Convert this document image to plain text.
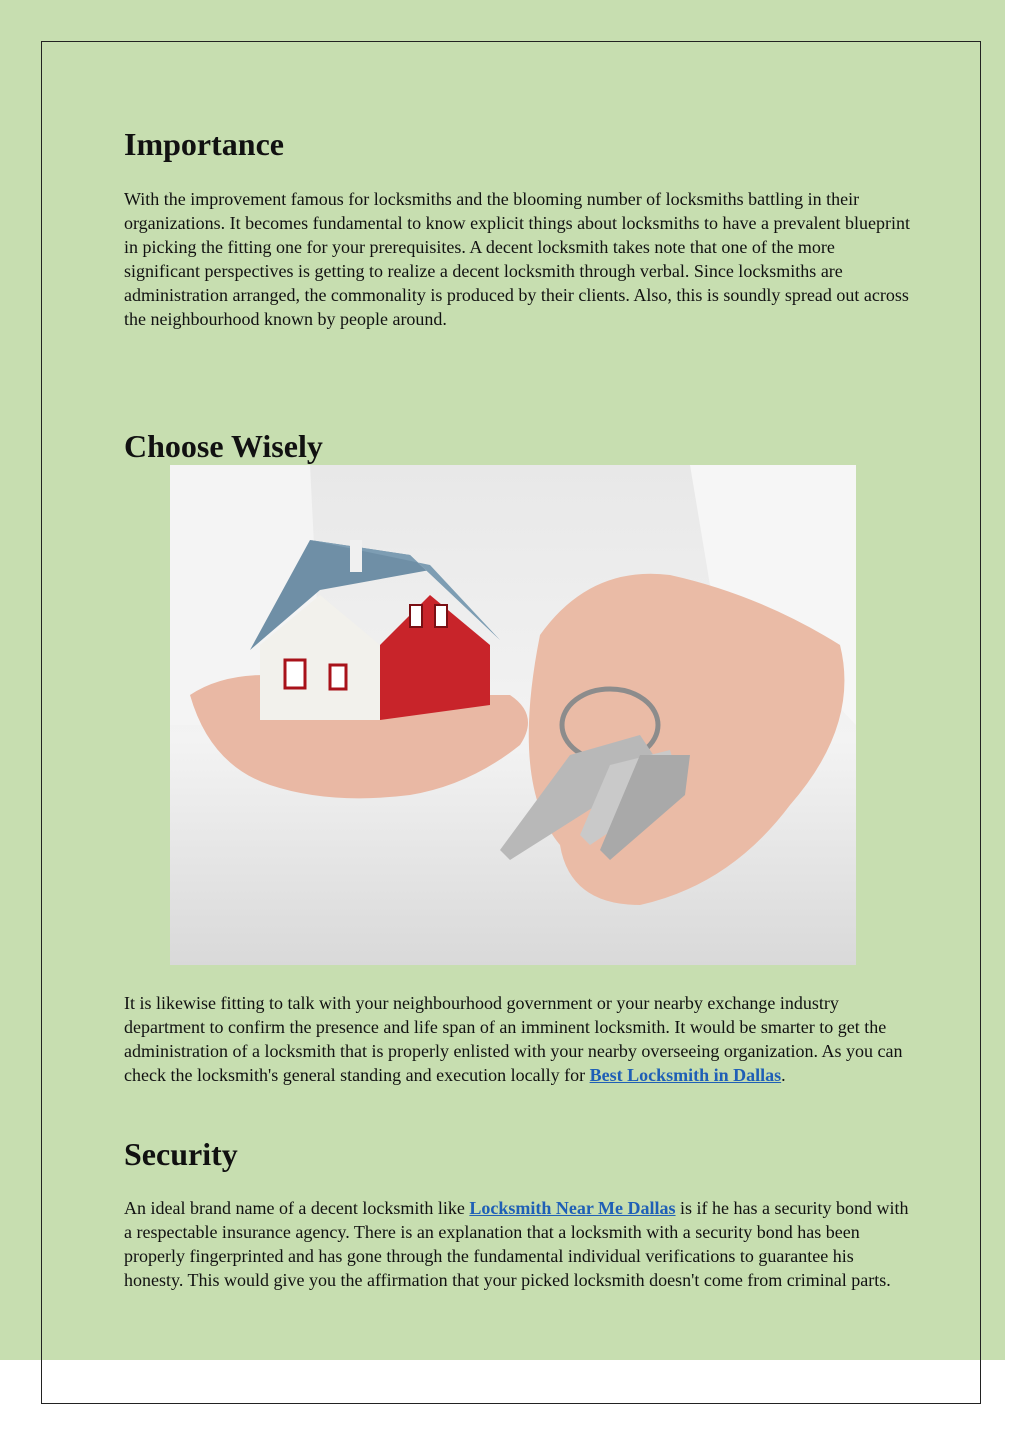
Importance

With the improvement famous for locksmiths and the blooming number of locksmiths battling in their organizations. It becomes fundamental to know explicit things about locksmiths to have a prevalent blueprint in picking the fitting one for your prerequisites. A decent locksmith takes note that one of the more significant perspectives is getting to realize a decent locksmith through verbal. Since locksmiths are administration arranged, the commonality is produced by their clients. Also, this is soundly spread out across the neighbourhood known by people around.

Choose Wisely

It is likewise fitting to talk with your neighbourhood government or your nearby exchange industry department to confirm the presence and life span of an imminent locksmith. It would be smarter to get the administration of a locksmith that is properly enlisted with your nearby overseeing organization. As you can check the locksmith's general standing and execution locally for Best Locksmith in Dallas.

Security

An ideal brand name of a decent locksmith like Locksmith Near Me Dallas is if he has a security bond with a respectable insurance agency. There is an explanation that a locksmith with a security bond has been properly fingerprinted and has gone through the fundamental individual verifications to guarantee his honesty. This would give you the affirmation that your picked locksmith doesn't come from criminal parts.
